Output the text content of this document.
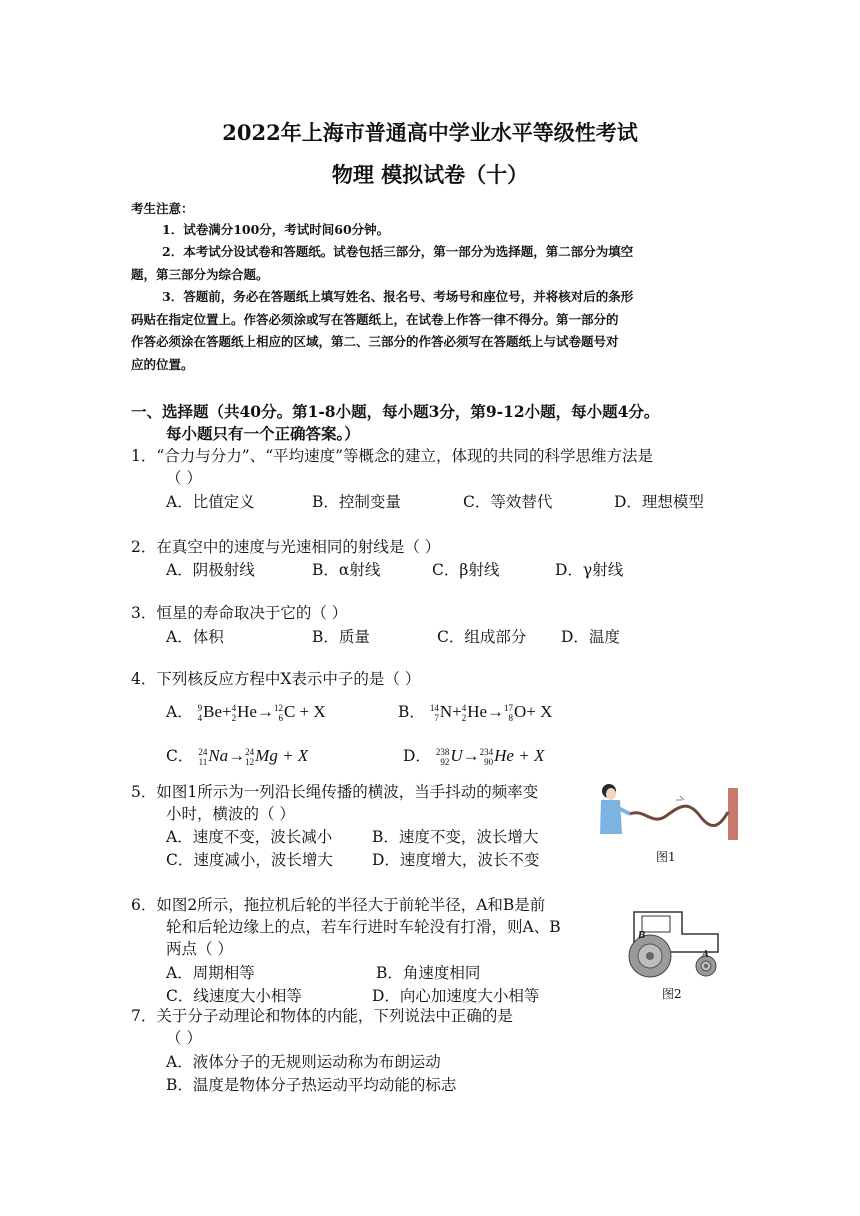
2022年上海市普通高中学业水平等级性考试
物理 模拟试卷（十）
考生注意：
1．试卷满分100分，考试时间60分钟。
2．本考试分设试卷和答题纸。试卷包括三部分，第一部分为选择题，第二部分为填空
题，第三部分为综合题。
3．答题前，务必在答题纸上填写姓名、报名号、考场号和座位号，并将核对后的条形
码贴在指定位置上。作答必须涂或写在答题纸上，在试卷上作答一律不得分。第一部分的
作答必须涂在答题纸上相应的区域，第二、三部分的作答必须写在答题纸上与试卷题号对
应的位置。
一、选择题（共40分。第1-8小题，每小题3分，第9-12小题，每小题4分。
每小题只有一个正确答案。）
1．“合力与分力”、“平均速度”等概念的建立，体现的共同的科学思维方法是
（ ）
A．比值定义	B．控制变量	C．等效替代	D．理想模型
2．在真空中的速度与光速相同的射线是（ ）
A．阴极射线	B．α射线	C．β射线	D．γ射线
3．恒星的寿命取决于它的（ ）
A．体积	B．质量	C．组成部分 D．温度
4．下列核反应方程中X表示中子的是（ ）
A． 9
4 Be+ 4
2 He→ 12
6 C + X	B． 14
7 N+ 4
2 He→ 17
8 O+ X
C． 24
11 Na→ 24
12 Mg + X	D． 238
92 U→ 234
90 He + X
5．如图1所示为一列沿长绳传播的横波，当手抖动的频率变
小时，横波的（ ）
A．速度不变，波长减小	B．速度不变，波长增大
C．速度减小，波长增大	D．速度增大，波长不变	图1
6．如图2所示，拖拉机后轮的半径大于前轮半径，A和B是前
轮和后轮边缘上的点，若车行进时车轮没有打滑，则A、B
两点（ ）
A．周期相等	B．角速度相同
C．线速度大小相等	D．向心加速度大小相等
B
A
图2
7．关于分子动理论和物体的内能，下列说法中正确的是
（ ）
A．液体分子的无规则运动称为布朗运动
B．温度是物体分子热运动平均动能的标志
